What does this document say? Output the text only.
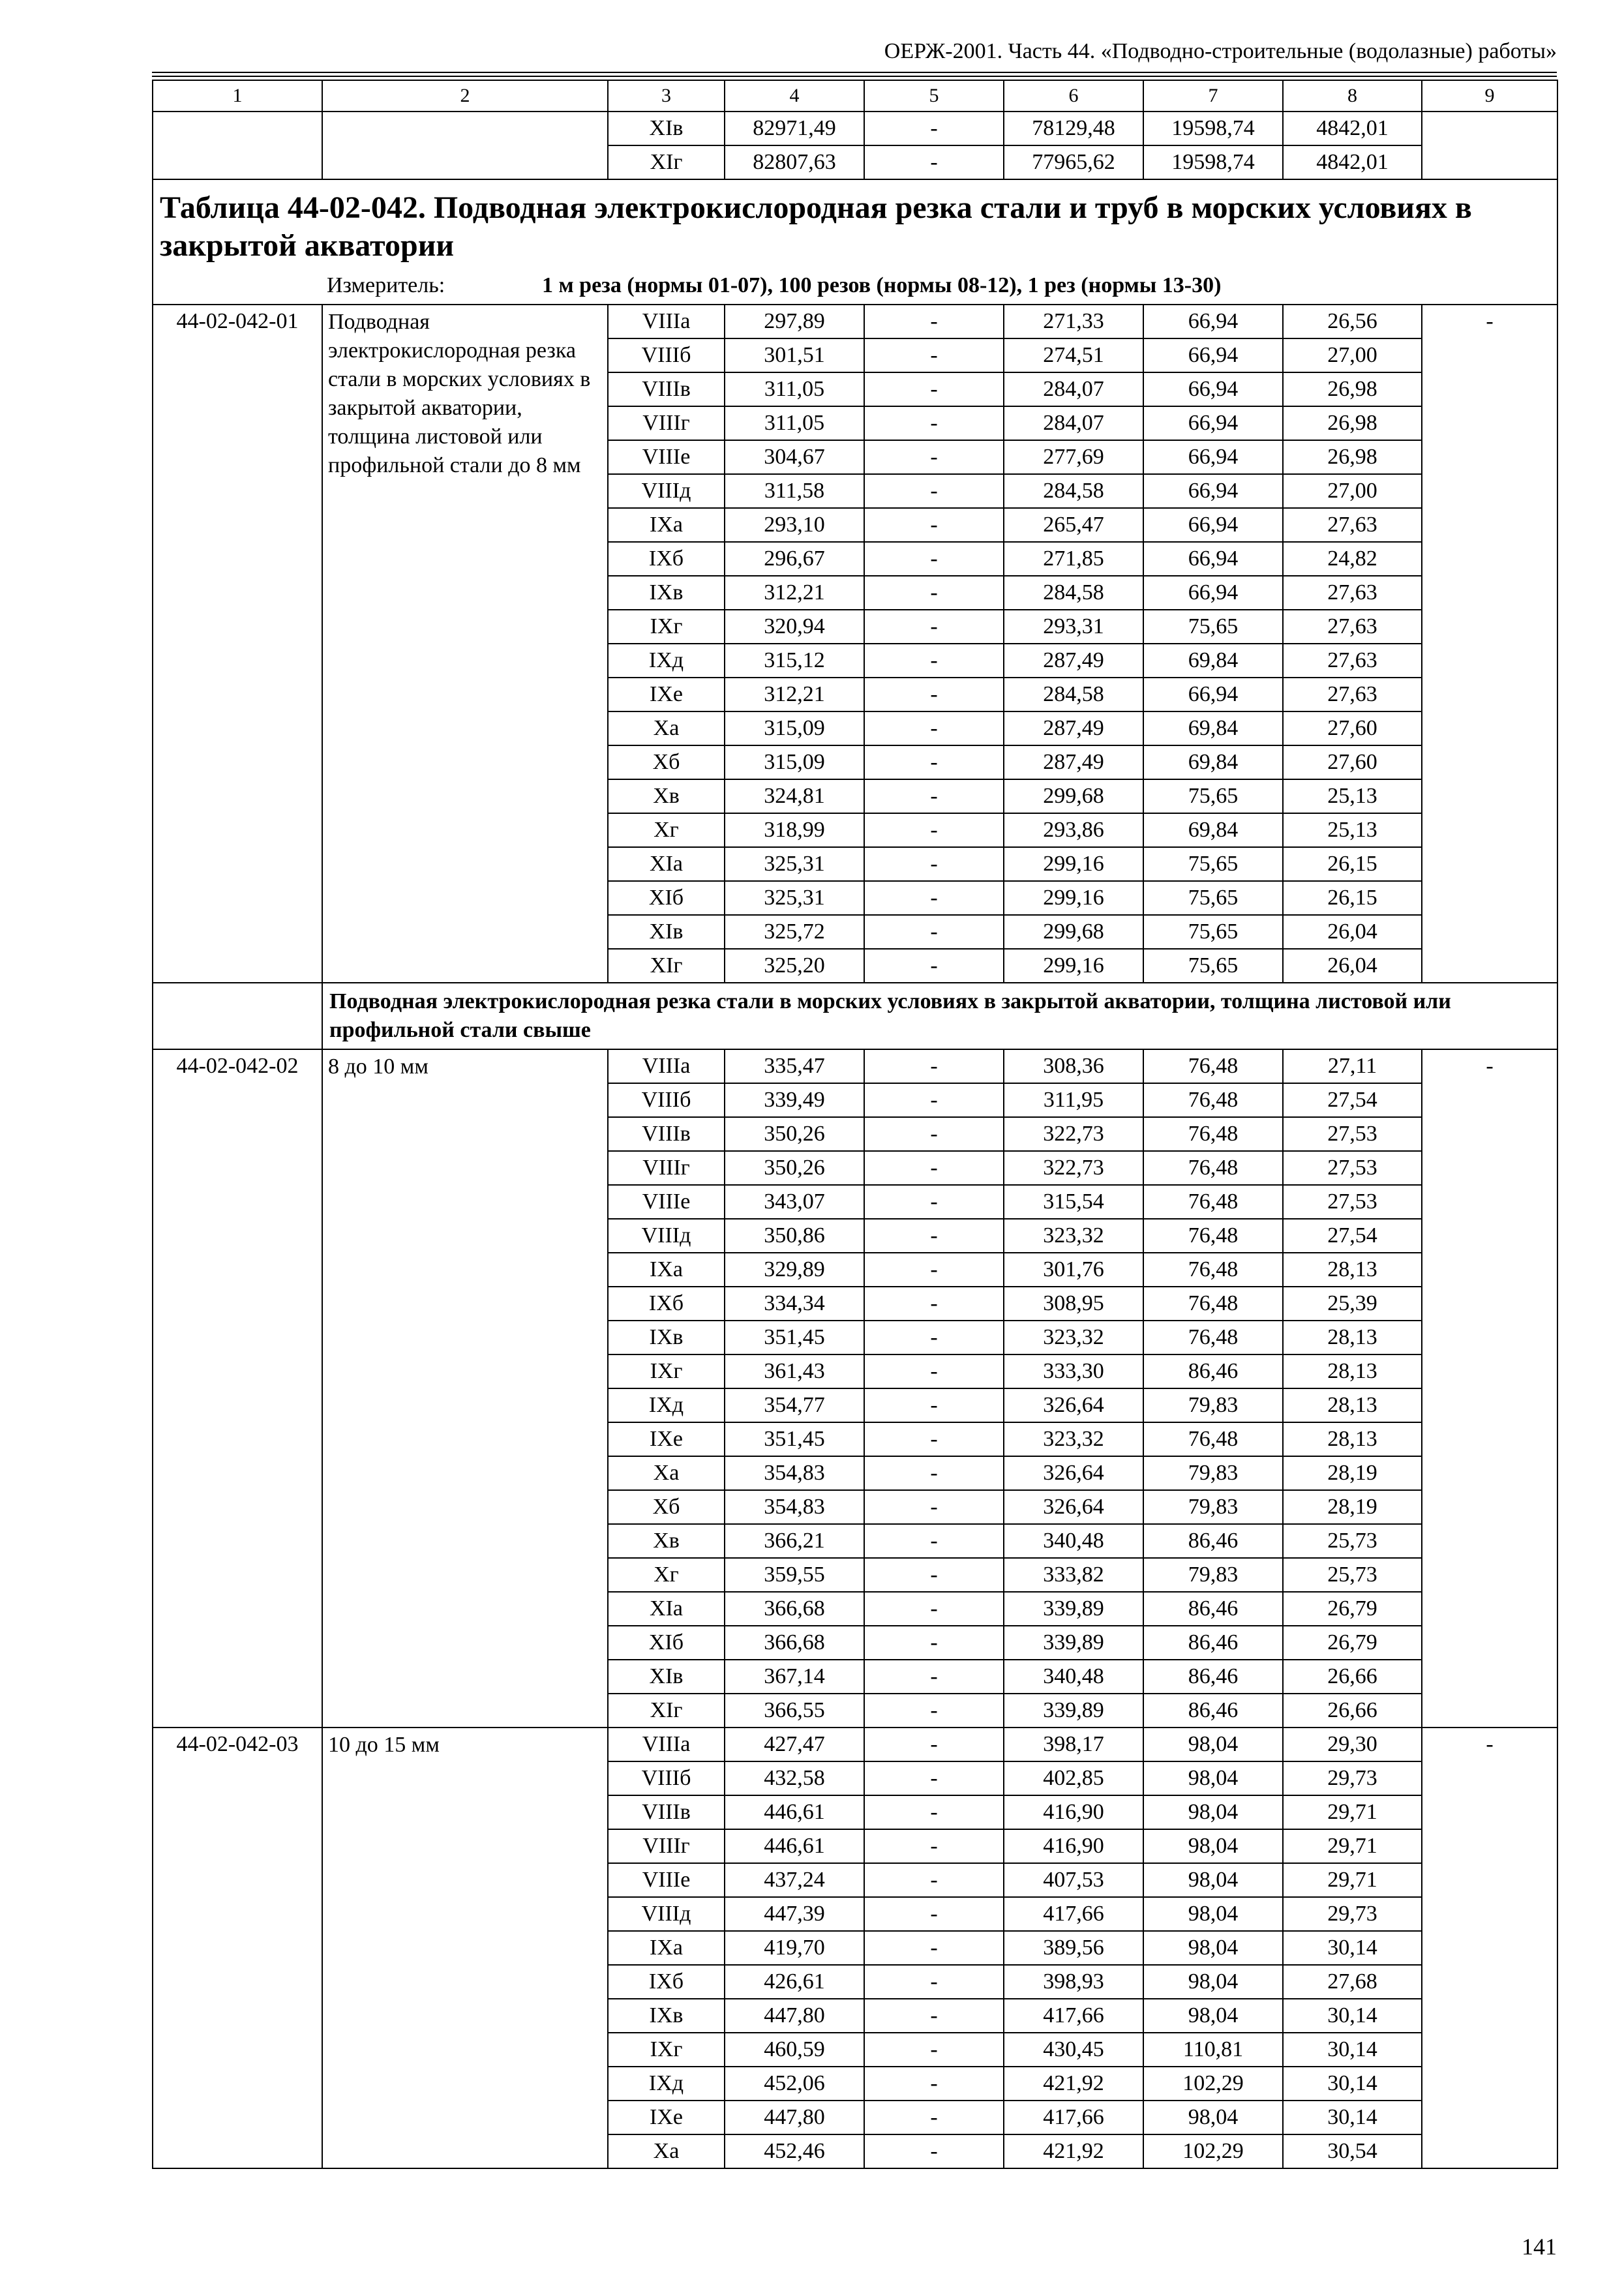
ОЕРЖ-2001. Часть 44. «Подводно-строительные (водолазные) работы»
1	2	3	4	5	6	7	8	9
		XIв	82971,49	-	78129,48	19598,74	4842,01	
		XIг	82807,63	-	77965,62	19598,74	4842,01	

Таблица 44-02-042. Подводная электрокислородная резка стали и труб в морских условиях в закрытой акватории
Измеритель: 1 м реза (нормы 01-07), 100 резов (нормы 08-12), 1 рез (нормы 13-30)								

44-02-042-01	Подводная электрокислородная резка стали в морских условиях в закрытой акватории, толщина листовой или профильной стали до 8 мм	VIIIа	297,89	-	271,33	66,94	26,56	-
		VIIIб	301,51	-	274,51	66,94	27,00	
		VIIIв	311,05	-	284,07	66,94	26,98	
		VIIIг	311,05	-	284,07	66,94	26,98	
		VIIIе	304,67	-	277,69	66,94	26,98	
		VIIIд	311,58	-	284,58	66,94	27,00	
		IXа	293,10	-	265,47	66,94	27,63	
		IXб	296,67	-	271,85	66,94	24,82	
		IXв	312,21	-	284,58	66,94	27,63	
		IXг	320,94	-	293,31	75,65	27,63	
		IXд	315,12	-	287,49	69,84	27,63	
		IXе	312,21	-	284,58	66,94	27,63	
		Xа	315,09	-	287,49	69,84	27,60	
		Xб	315,09	-	287,49	69,84	27,60	
		Xв	324,81	-	299,68	75,65	25,13	
		Xг	318,99	-	293,86	69,84	25,13	
		XIа	325,31	-	299,16	75,65	26,15	
		XIб	325,31	-	299,16	75,65	26,15	
		XIв	325,72	-	299,68	75,65	26,04	
		XIг	325,20	-	299,16	75,65	26,04	
	Подводная электрокислородная резка стали в морских условиях в закрытой акватории, толщина листовой или профильной стали свыше							
44-02-042-02	8 до 10 мм	VIIIа	335,47	-	308,36	76,48	27,11	-
		VIIIб	339,49	-	311,95	76,48	27,54	
		VIIIв	350,26	-	322,73	76,48	27,53	
		VIIIг	350,26	-	322,73	76,48	27,53	
		VIIIе	343,07	-	315,54	76,48	27,53	
		VIIIд	350,86	-	323,32	76,48	27,54	
		IXа	329,89	-	301,76	76,48	28,13	
		IXб	334,34	-	308,95	76,48	25,39	
		IXв	351,45	-	323,32	76,48	28,13	
		IXг	361,43	-	333,30	86,46	28,13	
		IXд	354,77	-	326,64	79,83	28,13	
		IXе	351,45	-	323,32	76,48	28,13	
		Xа	354,83	-	326,64	79,83	28,19	
		Xб	354,83	-	326,64	79,83	28,19	
		Xв	366,21	-	340,48	86,46	25,73	
		Xг	359,55	-	333,82	79,83	25,73	
		XIа	366,68	-	339,89	86,46	26,79	
		XIб	366,68	-	339,89	86,46	26,79	
		XIв	367,14	-	340,48	86,46	26,66	
		XIг	366,55	-	339,89	86,46	26,66	
44-02-042-03	10 до 15 мм	VIIIа	427,47	-	398,17	98,04	29,30	-
		VIIIб	432,58	-	402,85	98,04	29,73	
		VIIIв	446,61	-	416,90	98,04	29,71	
		VIIIг	446,61	-	416,90	98,04	29,71	
		VIIIе	437,24	-	407,53	98,04	29,71	
		VIIIд	447,39	-	417,66	98,04	29,73	
		IXа	419,70	-	389,56	98,04	30,14	
		IXб	426,61	-	398,93	98,04	27,68	
		IXв	447,80	-	417,66	98,04	30,14	
		IXг	460,59	-	430,45	110,81	30,14	
		IXд	452,06	-	421,92	102,29	30,14	
		IXе	447,80	-	417,66	98,04	30,14	
		Xа	452,46	-	421,92	102,29	30,54	
141
